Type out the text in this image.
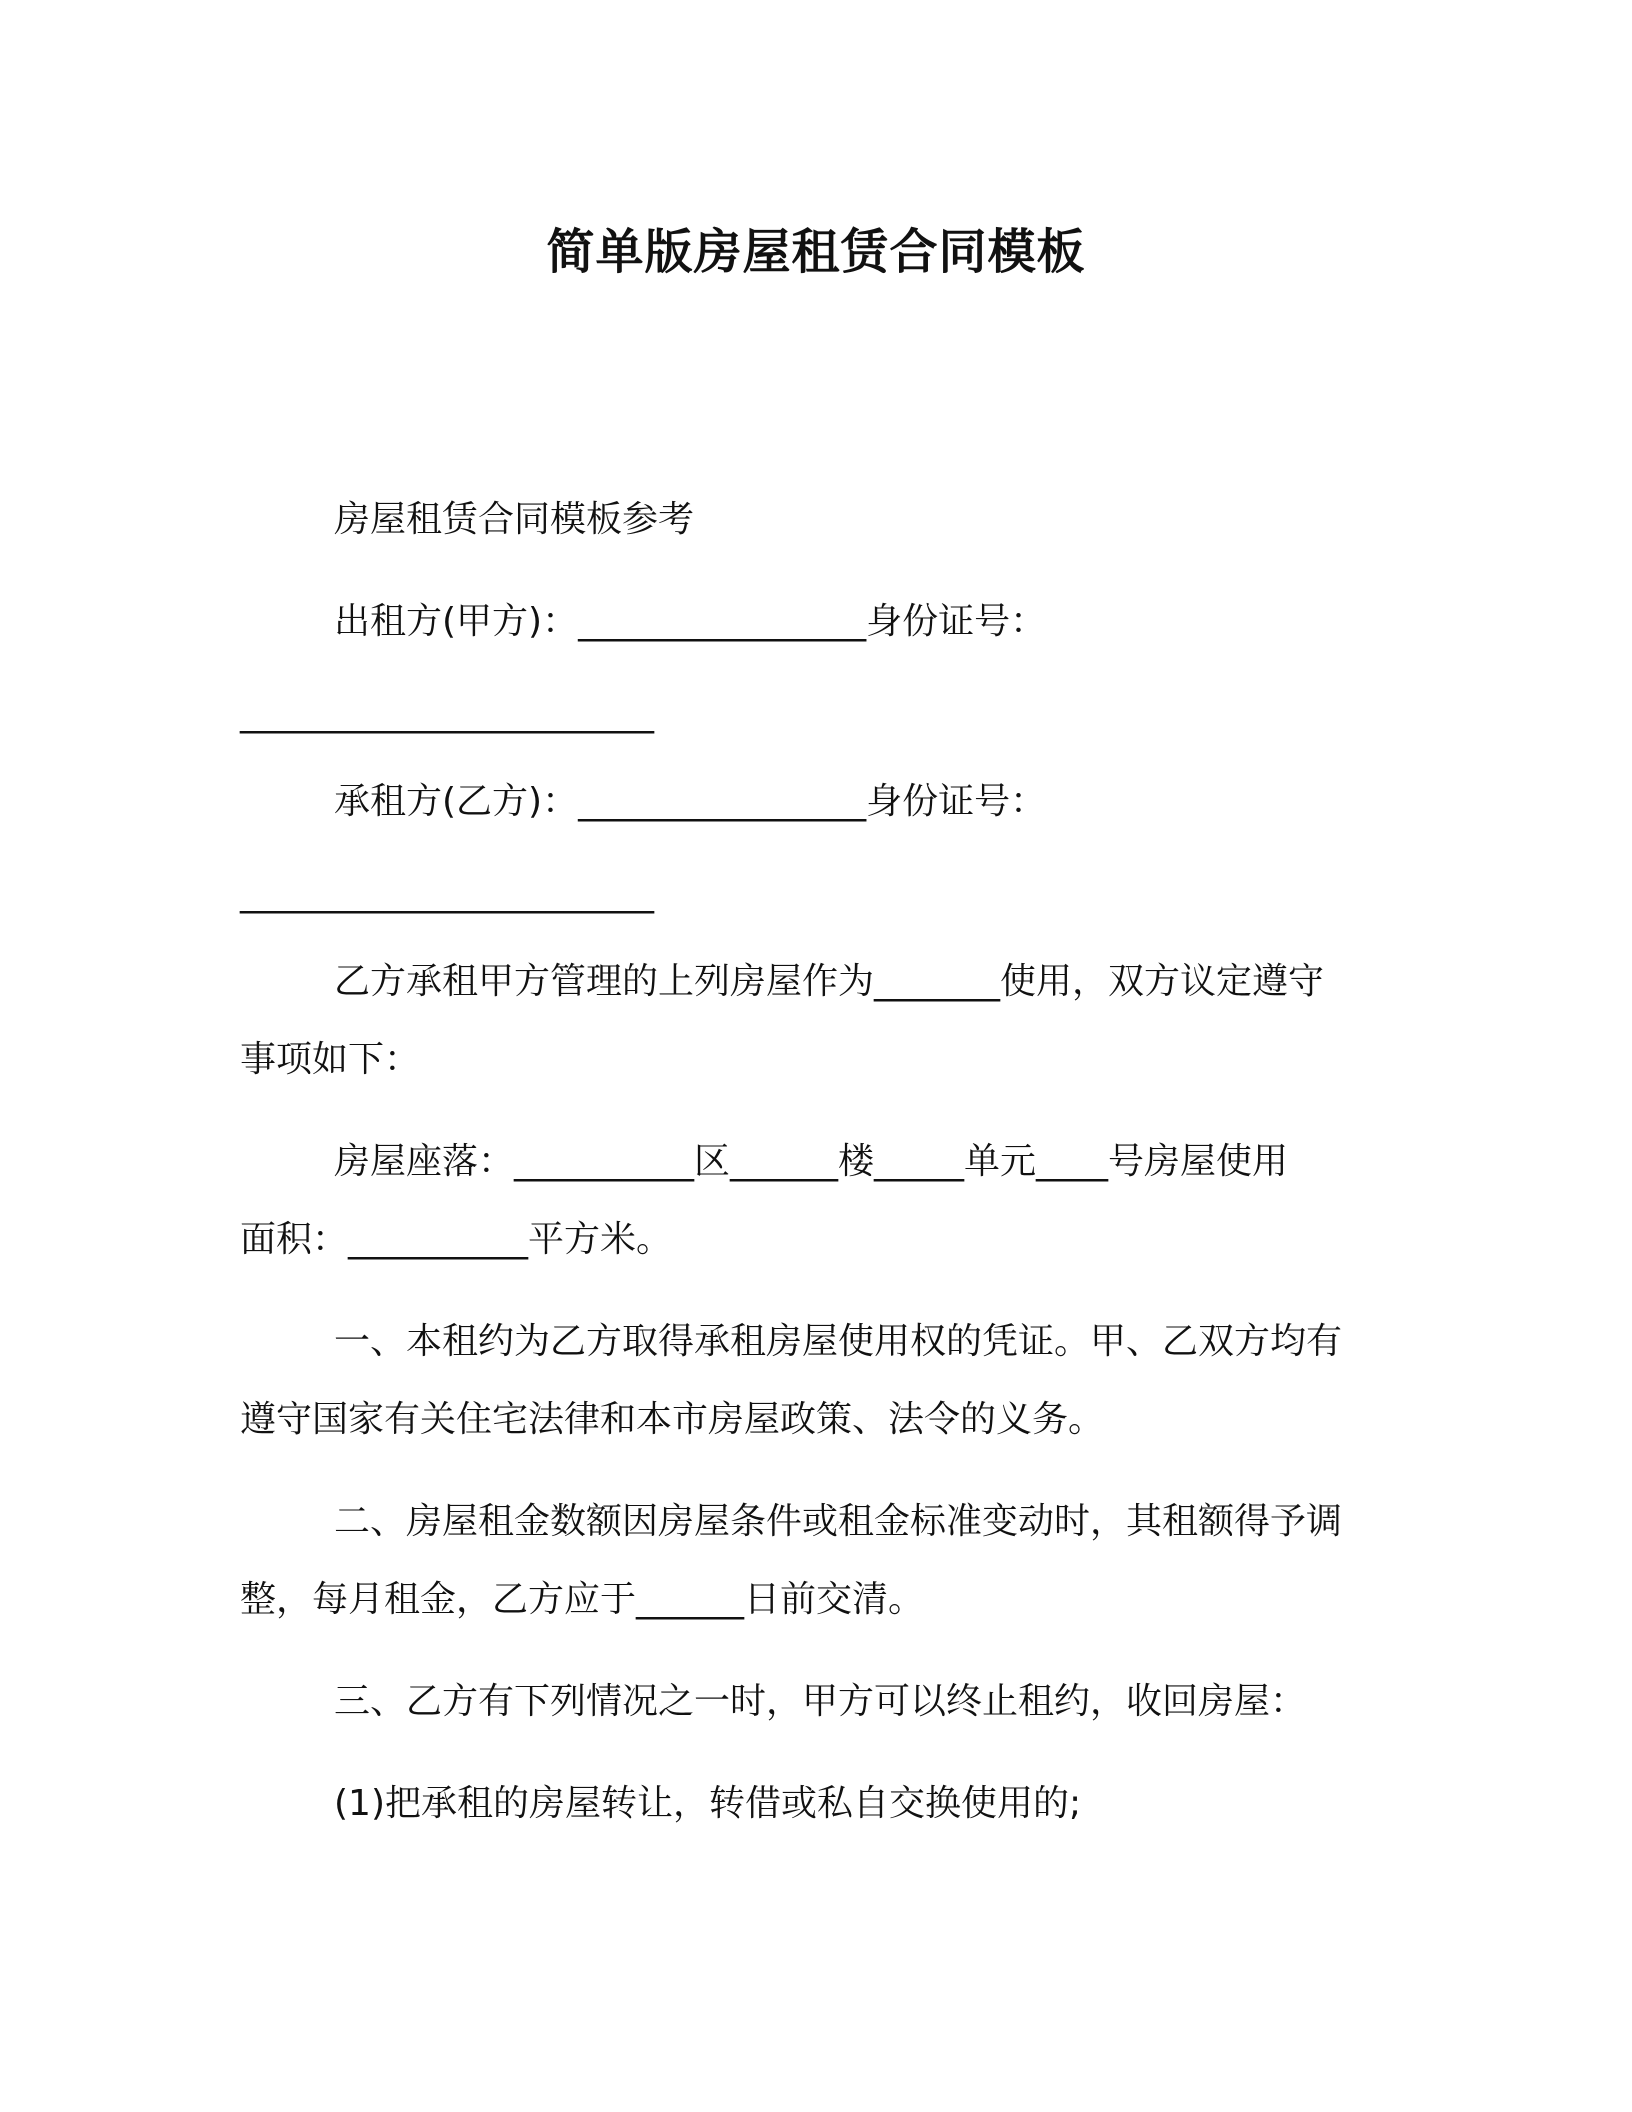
简单版房屋租赁合同模板
房屋租赁合同模板参考
出租方(甲方)：________________身份证号：
_______________________
承租方(乙方)：________________身份证号：
_______________________
乙方承租甲方管理的上列房屋作为_______使用，双方议定遵守
事项如下：
房屋座落：__________区______楼_____单元____号房屋使用
面积：__________平方米。
一、本租约为乙方取得承租房屋使用权的凭证。甲、乙双方均有
遵守国家有关住宅法律和本市房屋政策、法令的义务。
二、房屋租金数额因房屋条件或租金标准变动时，其租额得予调
整，每月租金，乙方应于______日前交清。
三、乙方有下列情况之一时，甲方可以终止租约，收回房屋：
(1)把承租的房屋转让，转借或私自交换使用的;
